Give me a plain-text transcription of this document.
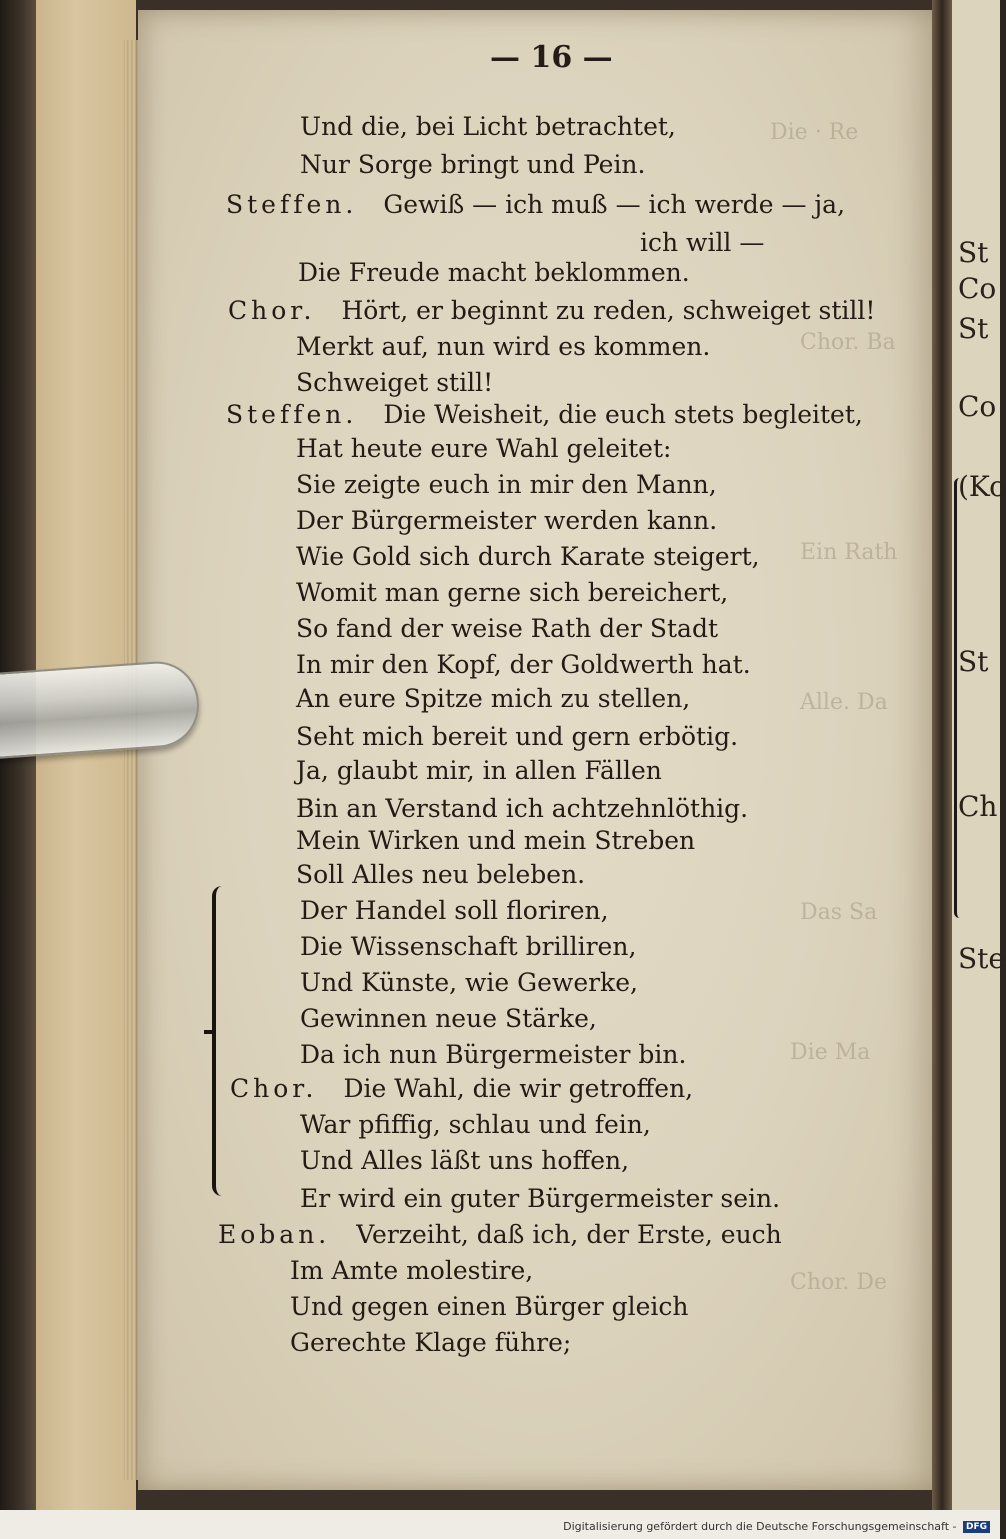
Die · Re
Chor. Ba
Ein Rath
Alle. Da
Das Sa
Die Ma
Chor. De
— 16 —
Und die, bei Licht betrachtet,
Nur Sorge bringt und Pein.
Steffen. Gewiß — ich muß — ich werde — ja,
ich will —
Die Freude macht beklommen.
Chor. Hört, er beginnt zu reden, schweiget still!
Merkt auf, nun wird es kommen.
Schweiget still!
Steffen. Die Weisheit, die euch stets begleitet,
Hat heute eure Wahl geleitet:
Sie zeigte euch in mir den Mann,
Der Bürgermeister werden kann.
Wie Gold sich durch Karate steigert,
Womit man gerne sich bereichert,
So fand der weise Rath der Stadt
In mir den Kopf, der Goldwerth hat.
An eure Spitze mich zu stellen,
Seht mich bereit und gern erbötig.
Ja, glaubt mir, in allen Fällen
Bin an Verstand ich achtzehnlöthig.
Mein Wirken und mein Streben
Soll Alles neu beleben.
Der Handel soll floriren,
Die Wissenschaft brilliren,
Und Künste, wie Gewerke,
Gewinnen neue Stärke,
Da ich nun Bürgermeister bin.
Chor. Die Wahl, die wir getroffen,
War pfiffig, schlau und fein,
Und Alles läßt uns hoffen,
Er wird ein guter Bürgermeister sein.
Eoban. Verzeiht, daß ich, der Erste, euch
Im Amte molestire,
Und gegen einen Bürger gleich
Gerechte Klage führe;
St
Co
St
Co
(Ko
St
Ch
Ste
Digitalisierung gefördert durch die Deutsche Forschungsgemeinschaft - DFG
